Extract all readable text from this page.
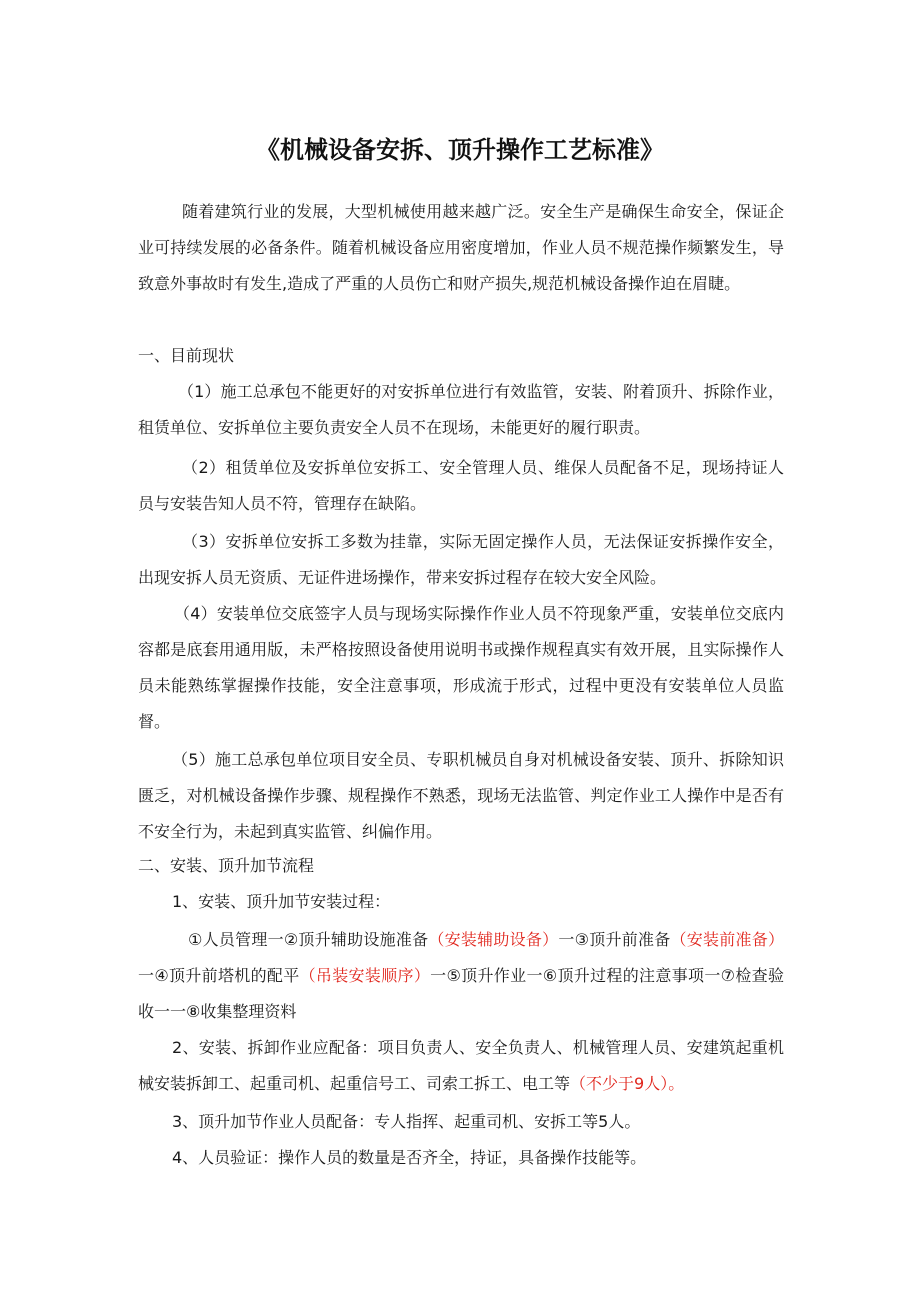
《机械设备安拆、顶升操作工艺标准》

随着建筑行业的发展，大型机械使用越来越广泛。安全生产是确保生命安全，保证企业可持续发展的必备条件。随着机械设备应用密度增加，作业人员不规范操作频繁发生，导致意外事故时有发生,造成了严重的人员伤亡和财产损失,规范机械设备操作迫在眉睫。

一、目前现状

（1）施工总承包不能更好的对安拆单位进行有效监管，安装、附着顶升、拆除作业，租赁单位、安拆单位主要负责安全人员不在现场，未能更好的履行职责。

（2）租赁单位及安拆单位安拆工、安全管理人员、维保人员配备不足，现场持证人员与安装告知人员不符，管理存在缺陷。

（3）安拆单位安拆工多数为挂靠，实际无固定操作人员，无法保证安拆操作安全，出现安拆人员无资质、无证件进场操作，带来安拆过程存在较大安全风险。

（4）安装单位交底签字人员与现场实际操作作业人员不符现象严重，安装单位交底内容都是底套用通用版，未严格按照设备使用说明书或操作规程真实有效开展，且实际操作人员未能熟练掌握操作技能，安全注意事项，形成流于形式，过程中更没有安装单位人员监督。

（5）施工总承包单位项目安全员、专职机械员自身对机械设备安装、顶升、拆除知识匮乏，对机械设备操作步骤、规程操作不熟悉，现场无法监管、判定作业工人操作中是否有不安全行为，未起到真实监管、纠偏作用。

二、安装、顶升加节流程

1、安装、顶升加节安装过程：

①人员管理一②顶升辅助设施准备（安装辅助设备）一③顶升前准备（安装前准备）一④顶升前塔机的配平（吊装安装顺序）一⑤顶升作业一⑥顶升过程的注意事项一⑦检查验收一一⑧收集整理资料

2、安装、拆卸作业应配备：项目负责人、安全负责人、机械管理人员、安建筑起重机械安装拆卸工、起重司机、起重信号工、司索工拆工、电工等（不少于9人）。

3、顶升加节作业人员配备：专人指挥、起重司机、安拆工等5人。

4、人员验证：操作人员的数量是否齐全，持证，具备操作技能等。
